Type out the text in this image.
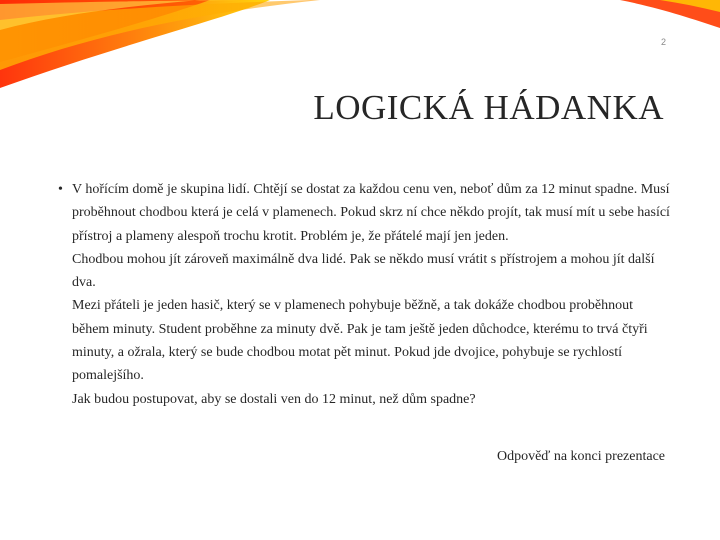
2
LOGICKÁ HÁDANKA
• V hořícím domě je skupina lidí. Chtějí se dostat za každou cenu ven, neboť dům za 12 minut spadne. Musí proběhnout chodbou která je celá v plamenech. Pokud skrz ní chce někdo projít, tak musí mít u sebe hasící přístroj a plameny alespoň trochu krotit. Problém je, že přátelé mají jen jeden.
Chodbou mohou jít zároveň maximálně dva lidé. Pak se někdo musí vrátit s přístrojem a mohou jít další dva.
Mezi přáteli je jeden hasič, který se v plamenech pohybuje běžně, a tak dokáže chodbou proběhnout během minuty. Student proběhne za minuty dvě. Pak je tam ještě jeden důchodce, kterému to trvá čtyři minuty, a ožrala, který se bude chodbou motat pět minut. Pokud jde dvojice, pohybuje se rychlostí pomalejšího.
Jak budou postupovat, aby se dostali ven do 12 minut, než dům spadne?
Odpověď na konci prezentace
